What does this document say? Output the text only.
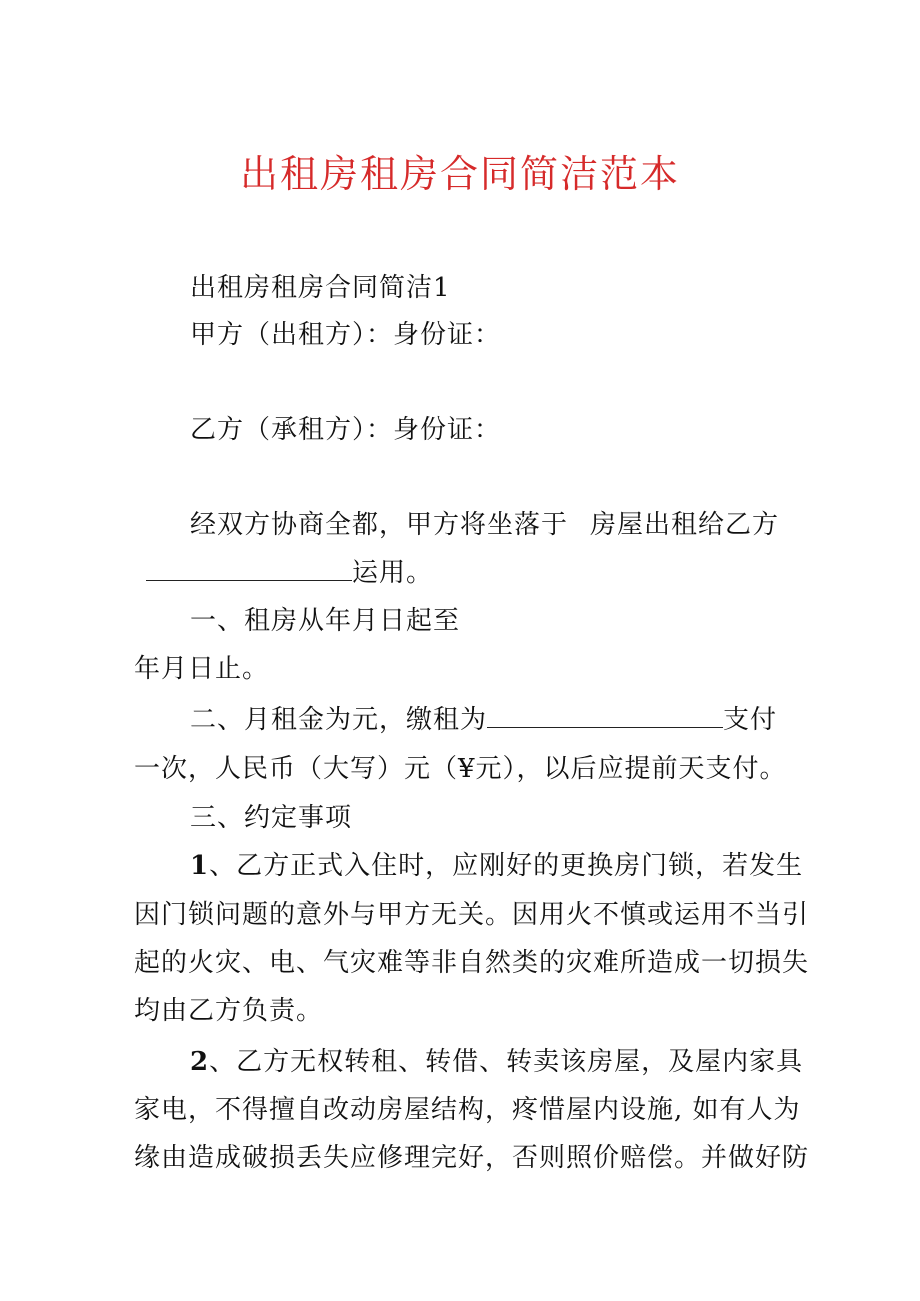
出租房租房合同简洁范本

出租房租房合同简洁1

甲方（出租方）：身份证：

乙方（承租方）：身份证：

经双方协商全都，甲方将坐落于 房屋出租给乙方

运用。

一、租房从年月日起至

年月日止。

二、月租金为元，缴租为	支付

一次，人民币（大写）元（¥元），以后应提前天支付。

三、约定事项

1、乙方正式入住时，应刚好的更换房门锁，若发生

因门锁问题的意外与甲方无关。因用火不慎或运用不当引

起的火灾、电、气灾难等非自然类的灾难所造成一切损失

均由乙方负责。

2、乙方无权转租、转借、转卖该房屋，及屋内家具

家电，不得擅自改动房屋结构，疼惜屋内设施, 如有人为

缘由造成破损丢失应修理完好，否则照价赔偿。并做好防
